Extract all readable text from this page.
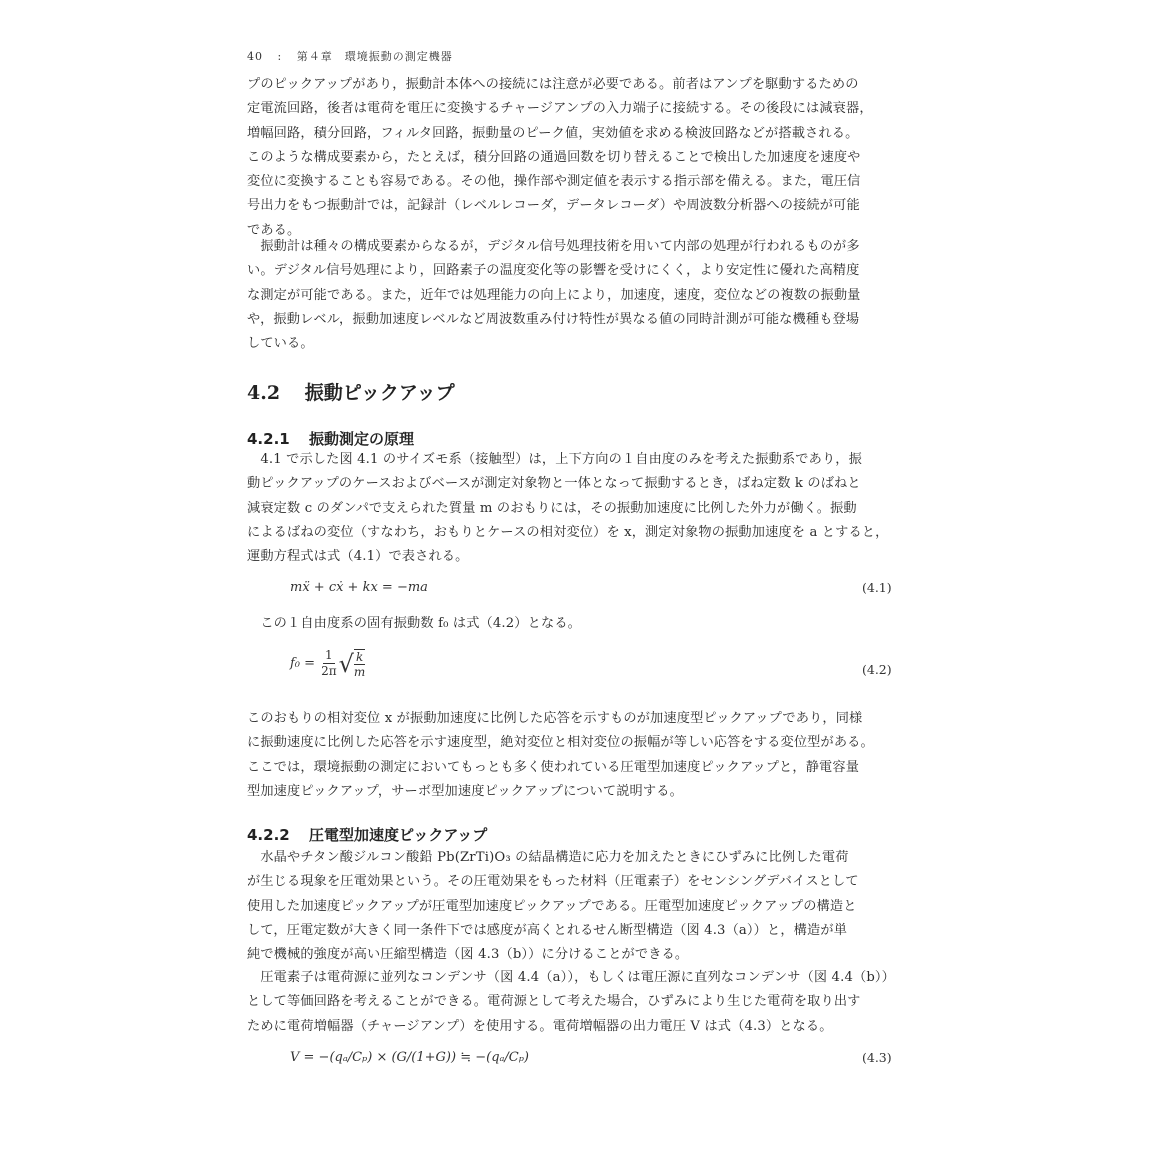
40 : 第４章　環境振動の測定機器

プのピックアップがあり，振動計本体への接続には注意が必要である。前者はアンプを駆動するための

定電流回路，後者は電荷を電圧に変換するチャージアンプの入力端子に接続する。その後段には減衰器，

増幅回路，積分回路，フィルタ回路，振動量のピーク値，実効値を求める検波回路などが搭載される。

このような構成要素から，たとえば，積分回路の通過回数を切り替えることで検出した加速度を速度や

変位に変換することも容易である。その他，操作部や測定値を表示する指示部を備える。また，電圧信

号出力をもつ振動計では，記録計（レベルレコーダ，データレコーダ）や周波数分析器への接続が可能

である。

　振動計は種々の構成要素からなるが，デジタル信号処理技術を用いて内部の処理が行われるものが多

い。デジタル信号処理により，回路素子の温度変化等の影響を受けにくく，より安定性に優れた高精度

な測定が可能である。また，近年では処理能力の向上により，加速度，速度，変位などの複数の振動量

や，振動レベル，振動加速度レベルなど周波数重み付け特性が異なる値の同時計測が可能な機種も登場

している。

4.2 振動ピックアップ
4.2.1 振動測定の原理

　4.1 で示した図 4.1 のサイズモ系（接触型）は，上下方向の１自由度のみを考えた振動系であり，振

動ピックアップのケースおよびベースが測定対象物と一体となって振動するとき，ばね定数 k のばねと

減衰定数 c のダンパで支えられた質量 m のおもりには，その振動加速度に比例した外力が働く。振動

によるばねの変位（すなわち，おもりとケースの相対変位）を x，測定対象物の振動加速度を a とすると，

運動方程式は式（4.1）で表される。

mẍ + cẋ + kx = −ma	(4.1)

　この１自由度系の固有振動数 f₀ は式（4.2）となる。

$f_0 = \frac{1}{2\pi}$ √ $\frac{k}{m}$	(4.2)

このおもりの相対変位 x が振動加速度に比例した応答を示すものが加速度型ピックアップであり，同様

に振動速度に比例した応答を示す速度型，絶対変位と相対変位の振幅が等しい応答をする変位型がある。

ここでは，環境振動の測定においてもっとも多く使われている圧電型加速度ピックアップと，静電容量

型加速度ピックアップ，サーボ型加速度ピックアップについて説明する。

4.2.2 圧電型加速度ピックアップ

　水晶やチタン酸ジルコン酸鉛 Pb(ZrTi)O₃ の結晶構造に応力を加えたときにひずみに比例した電荷

が生じる現象を圧電効果という。その圧電効果をもった材料（圧電素子）をセンシングデバイスとして

使用した加速度ピックアップが圧電型加速度ピックアップである。圧電型加速度ピックアップの構造と

して，圧電定数が大きく同一条件下では感度が高くとれるせん断型構造（図 4.3（a））と，構造が単

純で機械的強度が高い圧縮型構造（図 4.3（b））に分けることができる。

　圧電素子は電荷源に並列なコンデンサ（図 4.4（a）），もしくは電圧源に直列なコンデンサ（図 4.4（b））

として等価回路を考えることができる。電荷源として考えた場合，ひずみにより生じた電荷を取り出す

ために電荷増幅器（チャージアンプ）を使用する。電荷増幅器の出力電圧 V は式（4.3）となる。

V = −(qₐ/Cₚ) × (G/(1+G)) ≒ −(qₐ/Cₚ)	(4.3)
